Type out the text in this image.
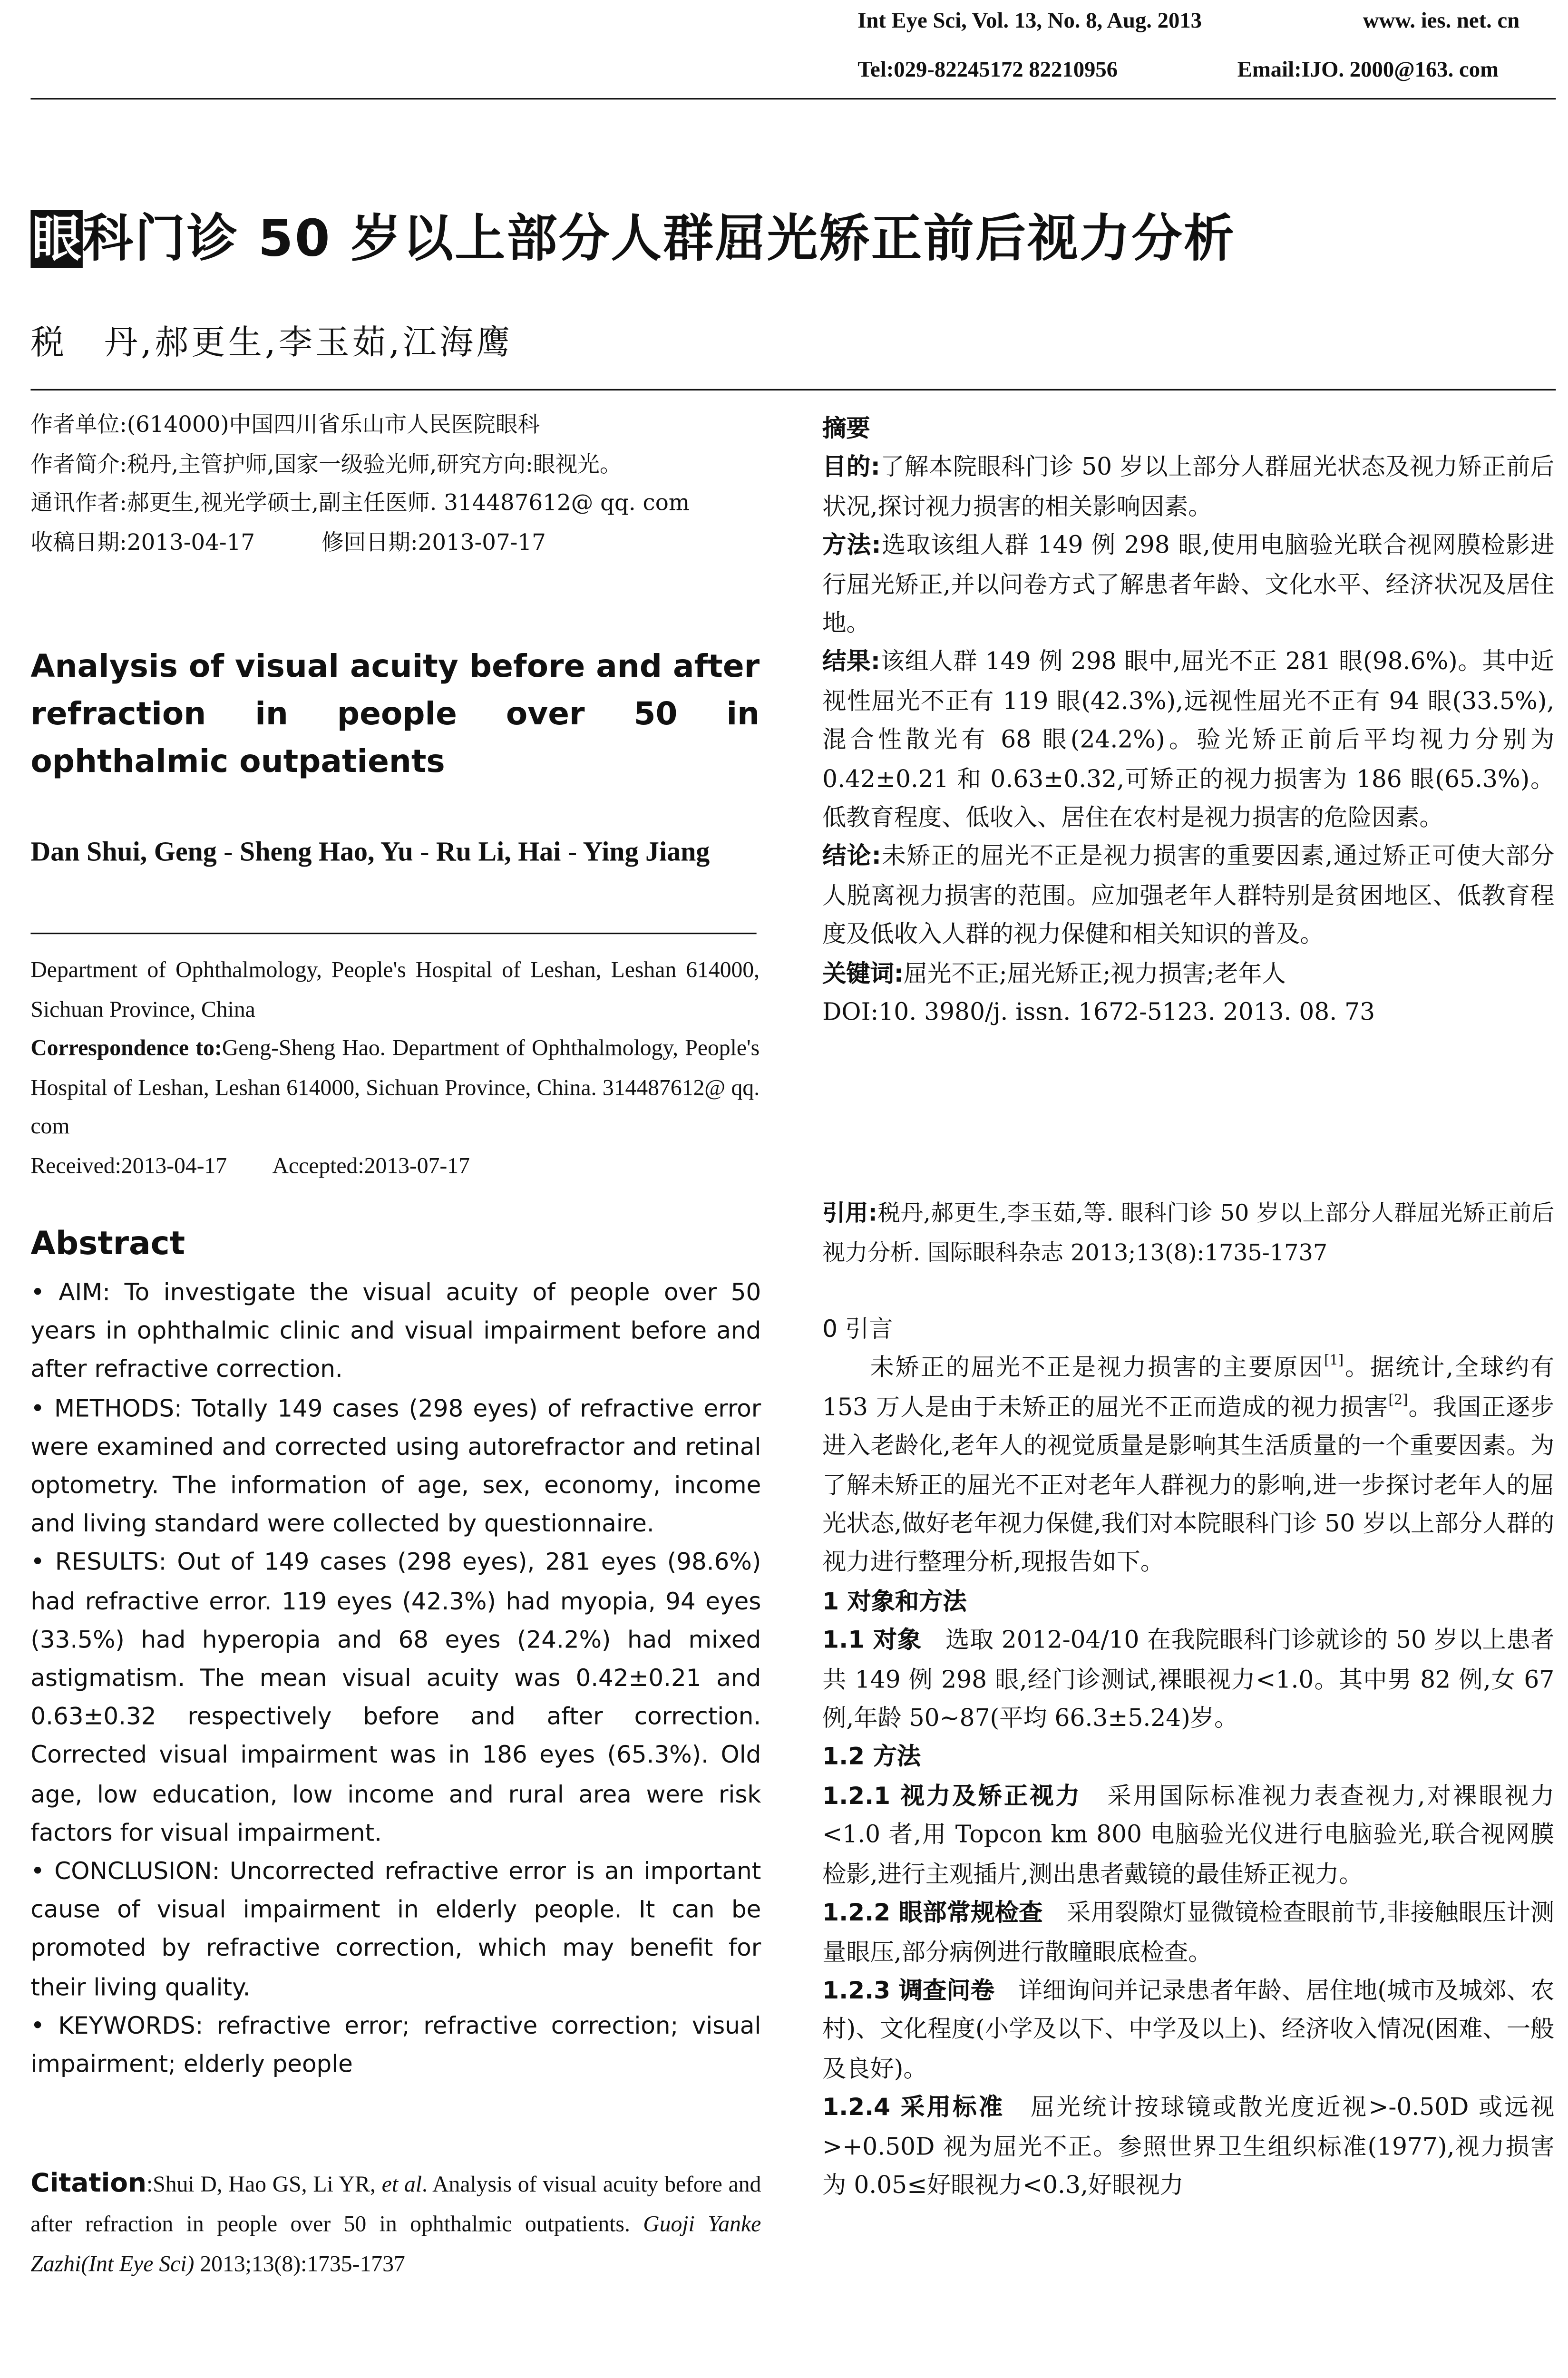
Int Eye Sci, Vol. 13, No. 8, Aug. 2013	www. ies. net. cn
Tel:029-82245172 82210956	Email:IJO. 2000@163. com
眼科门诊 50 岁以上部分人群屈光矫正前后视力分析
税　丹,郝更生,李玉茹,江海鹰
作者单位:(614000)中国四川省乐山市人民医院眼科
作者简介:税丹,主管护师,国家一级验光师,研究方向:眼视光。
通讯作者:郝更生,视光学硕士,副主任医师. 314487612@ qq. com
收稿日期:2013-04-17　　　修回日期:2013-07-17
Analysis of visual acuity before and after refraction in people over 50 in ophthalmic outpatients
Dan Shui, Geng - Sheng Hao, Yu - Ru Li, Hai - Ying Jiang
Department of Ophthalmology, People's Hospital of Leshan, Leshan 614000, Sichuan Province, China
Correspondence to:Geng-Sheng Hao. Department of Ophthalmology, People's Hospital of Leshan, Leshan 614000, Sichuan Province, China. 314487612@ qq. com
Received:2013-04-17　　Accepted:2013-07-17
Abstract

• AIM: To investigate the visual acuity of people over 50 years in ophthalmic clinic and visual impairment before and after refractive correction.

• METHODS: Totally 149 cases (298 eyes) of refractive error were examined and corrected using autorefractor and retinal optometry. The information of age, sex, economy, income and living standard were collected by questionnaire.

• RESULTS: Out of 149 cases (298 eyes), 281 eyes (98.6%) had refractive error. 119 eyes (42.3%) had myopia, 94 eyes (33.5%) had hyperopia and 68 eyes (24.2%) had mixed astigmatism. The mean visual acuity was 0.42±0.21 and 0.63±0.32 respectively before and after correction. Corrected visual impairment was in 186 eyes (65.3%). Old age, low education, low income and rural area were risk factors for visual impairment.

• CONCLUSION: Uncorrected refractive error is an important cause of visual impairment in elderly people. It can be promoted by refractive correction, which may benefit for their living quality.

• KEYWORDS: refractive error; refractive correction; visual impairment; elderly people

Citation:Shui D, Hao GS, Li YR, et al. Analysis of visual acuity before and after refraction in people over 50 in ophthalmic outpatients. Guoji Yanke Zazhi(Int Eye Sci) 2013;13(8):1735-1737

摘要

目的:了解本院眼科门诊 50 岁以上部分人群屈光状态及视力矫正前后状况,探讨视力损害的相关影响因素。

方法:选取该组人群 149 例 298 眼,使用电脑验光联合视网膜检影进行屈光矫正,并以问卷方式了解患者年龄、文化水平、经济状况及居住地。

结果:该组人群 149 例 298 眼中,屈光不正 281 眼(98.6%)。其中近视性屈光不正有 119 眼(42.3%),远视性屈光不正有 94 眼(33.5%),混合性散光有 68 眼(24.2%)。验光矫正前后平均视力分别为 0.42±0.21 和 0.63±0.32,可矫正的视力损害为 186 眼(65.3%)。低教育程度、低收入、居住在农村是视力损害的危险因素。

结论:未矫正的屈光不正是视力损害的重要因素,通过矫正可使大部分人脱离视力损害的范围。应加强老年人群特别是贫困地区、低教育程度及低收入人群的视力保健和相关知识的普及。

关键词:屈光不正;屈光矫正;视力损害;老年人

DOI:10. 3980/j. issn. 1672-5123. 2013. 08. 73

引用:税丹,郝更生,李玉茹,等. 眼科门诊 50 岁以上部分人群屈光矫正前后视力分析. 国际眼科杂志 2013;13(8):1735-1737

0 引言

未矫正的屈光不正是视力损害的主要原因[1]。据统计,全球约有 153 万人是由于未矫正的屈光不正而造成的视力损害[2]。我国正逐步进入老龄化,老年人的视觉质量是影响其生活质量的一个重要因素。为了解未矫正的屈光不正对老年人群视力的影响,进一步探讨老年人的屈光状态,做好老年视力保健,我们对本院眼科门诊 50 岁以上部分人群的视力进行整理分析,现报告如下。

1 对象和方法

1.1 对象　	选取 2012-04/10 在我院眼科门诊就诊的 50 岁以上患者共 149 例 298 眼,经门诊测试,裸眼视力<1.0。其中男 82 例,女 67 例,年龄 50~87(平均 66.3±5.24)岁。

1.2 方法

1.2.1 视力及矫正视力　	采用国际标准视力表查视力,对裸眼视力<1.0 者,用 Topcon km 800 电脑验光仪进行电脑验光,联合视网膜检影,进行主观插片,测出患者戴镜的最佳矫正视力。

1.2.2 眼部常规检查　	采用裂隙灯显微镜检查眼前节,非接触眼压计测量眼压,部分病例进行散瞳眼底检查。

1.2.3 调查问卷　	详细询问并记录患者年龄、居住地(城市及城郊、农村)、文化程度(小学及以下、中学及以上)、经济收入情况(困难、一般及良好)。

1.2.4 采用标准　	屈光统计按球镜或散光度近视>-0.50D 或远视>+0.50D 视为屈光不正。参照世界卫生组织标准(1977),视力损害为 0.05≤好眼视力<0.3,好眼视力
